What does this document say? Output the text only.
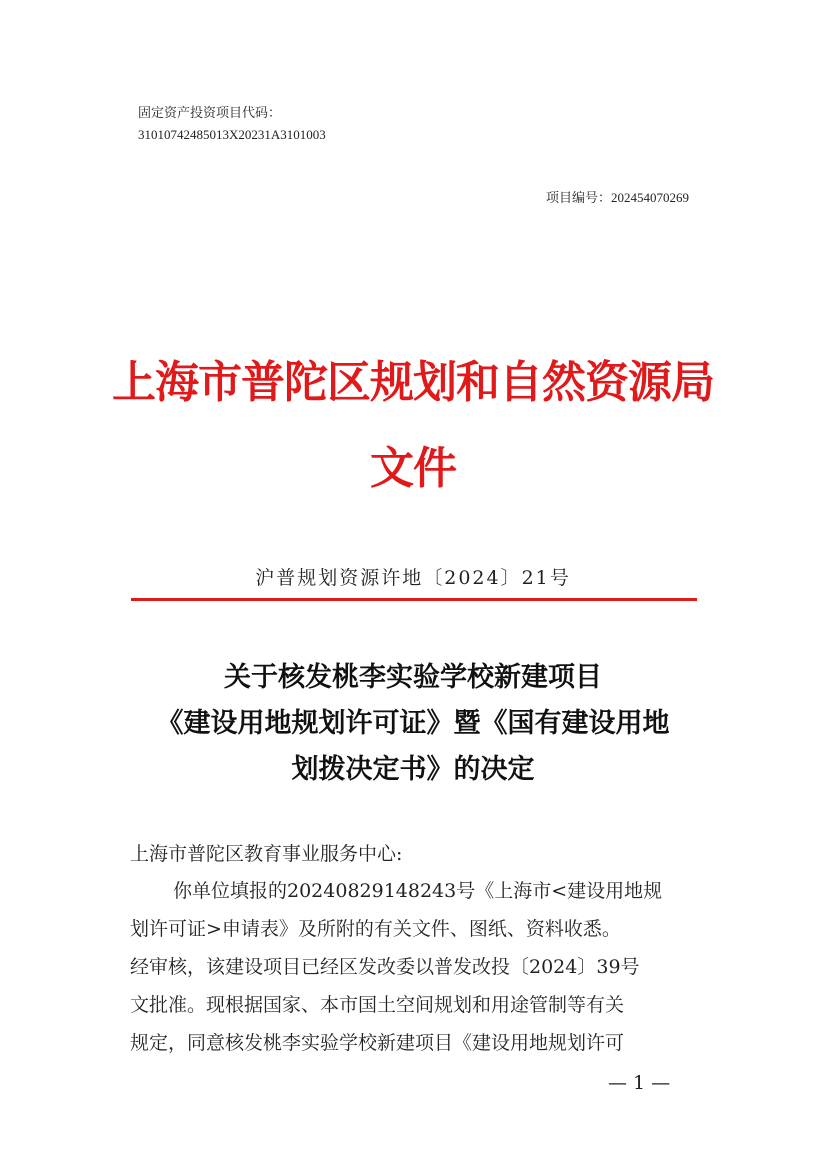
固定资产投资项目代码：
31010742485013X20231A3101003
项目编号：202454070269
上海市普陀区规划和自然资源局
文件
沪普规划资源许地〔2024〕21号
关于核发桃李实验学校新建项目
《建设用地规划许可证》暨《国有建设用地
划拨决定书》的决定
上海市普陀区教育事业服务中心:
你单位填报的20240829148243号《上海市<建设用地规
划许可证>申请表》及所附的有关文件、图纸、资料收悉。
经审核，该建设项目已经区发改委以普发改投〔2024〕39号
文批准。现根据国家、本市国土空间规划和用途管制等有关
规定，同意核发桃李实验学校新建项目《建设用地规划许可
— 1 —
